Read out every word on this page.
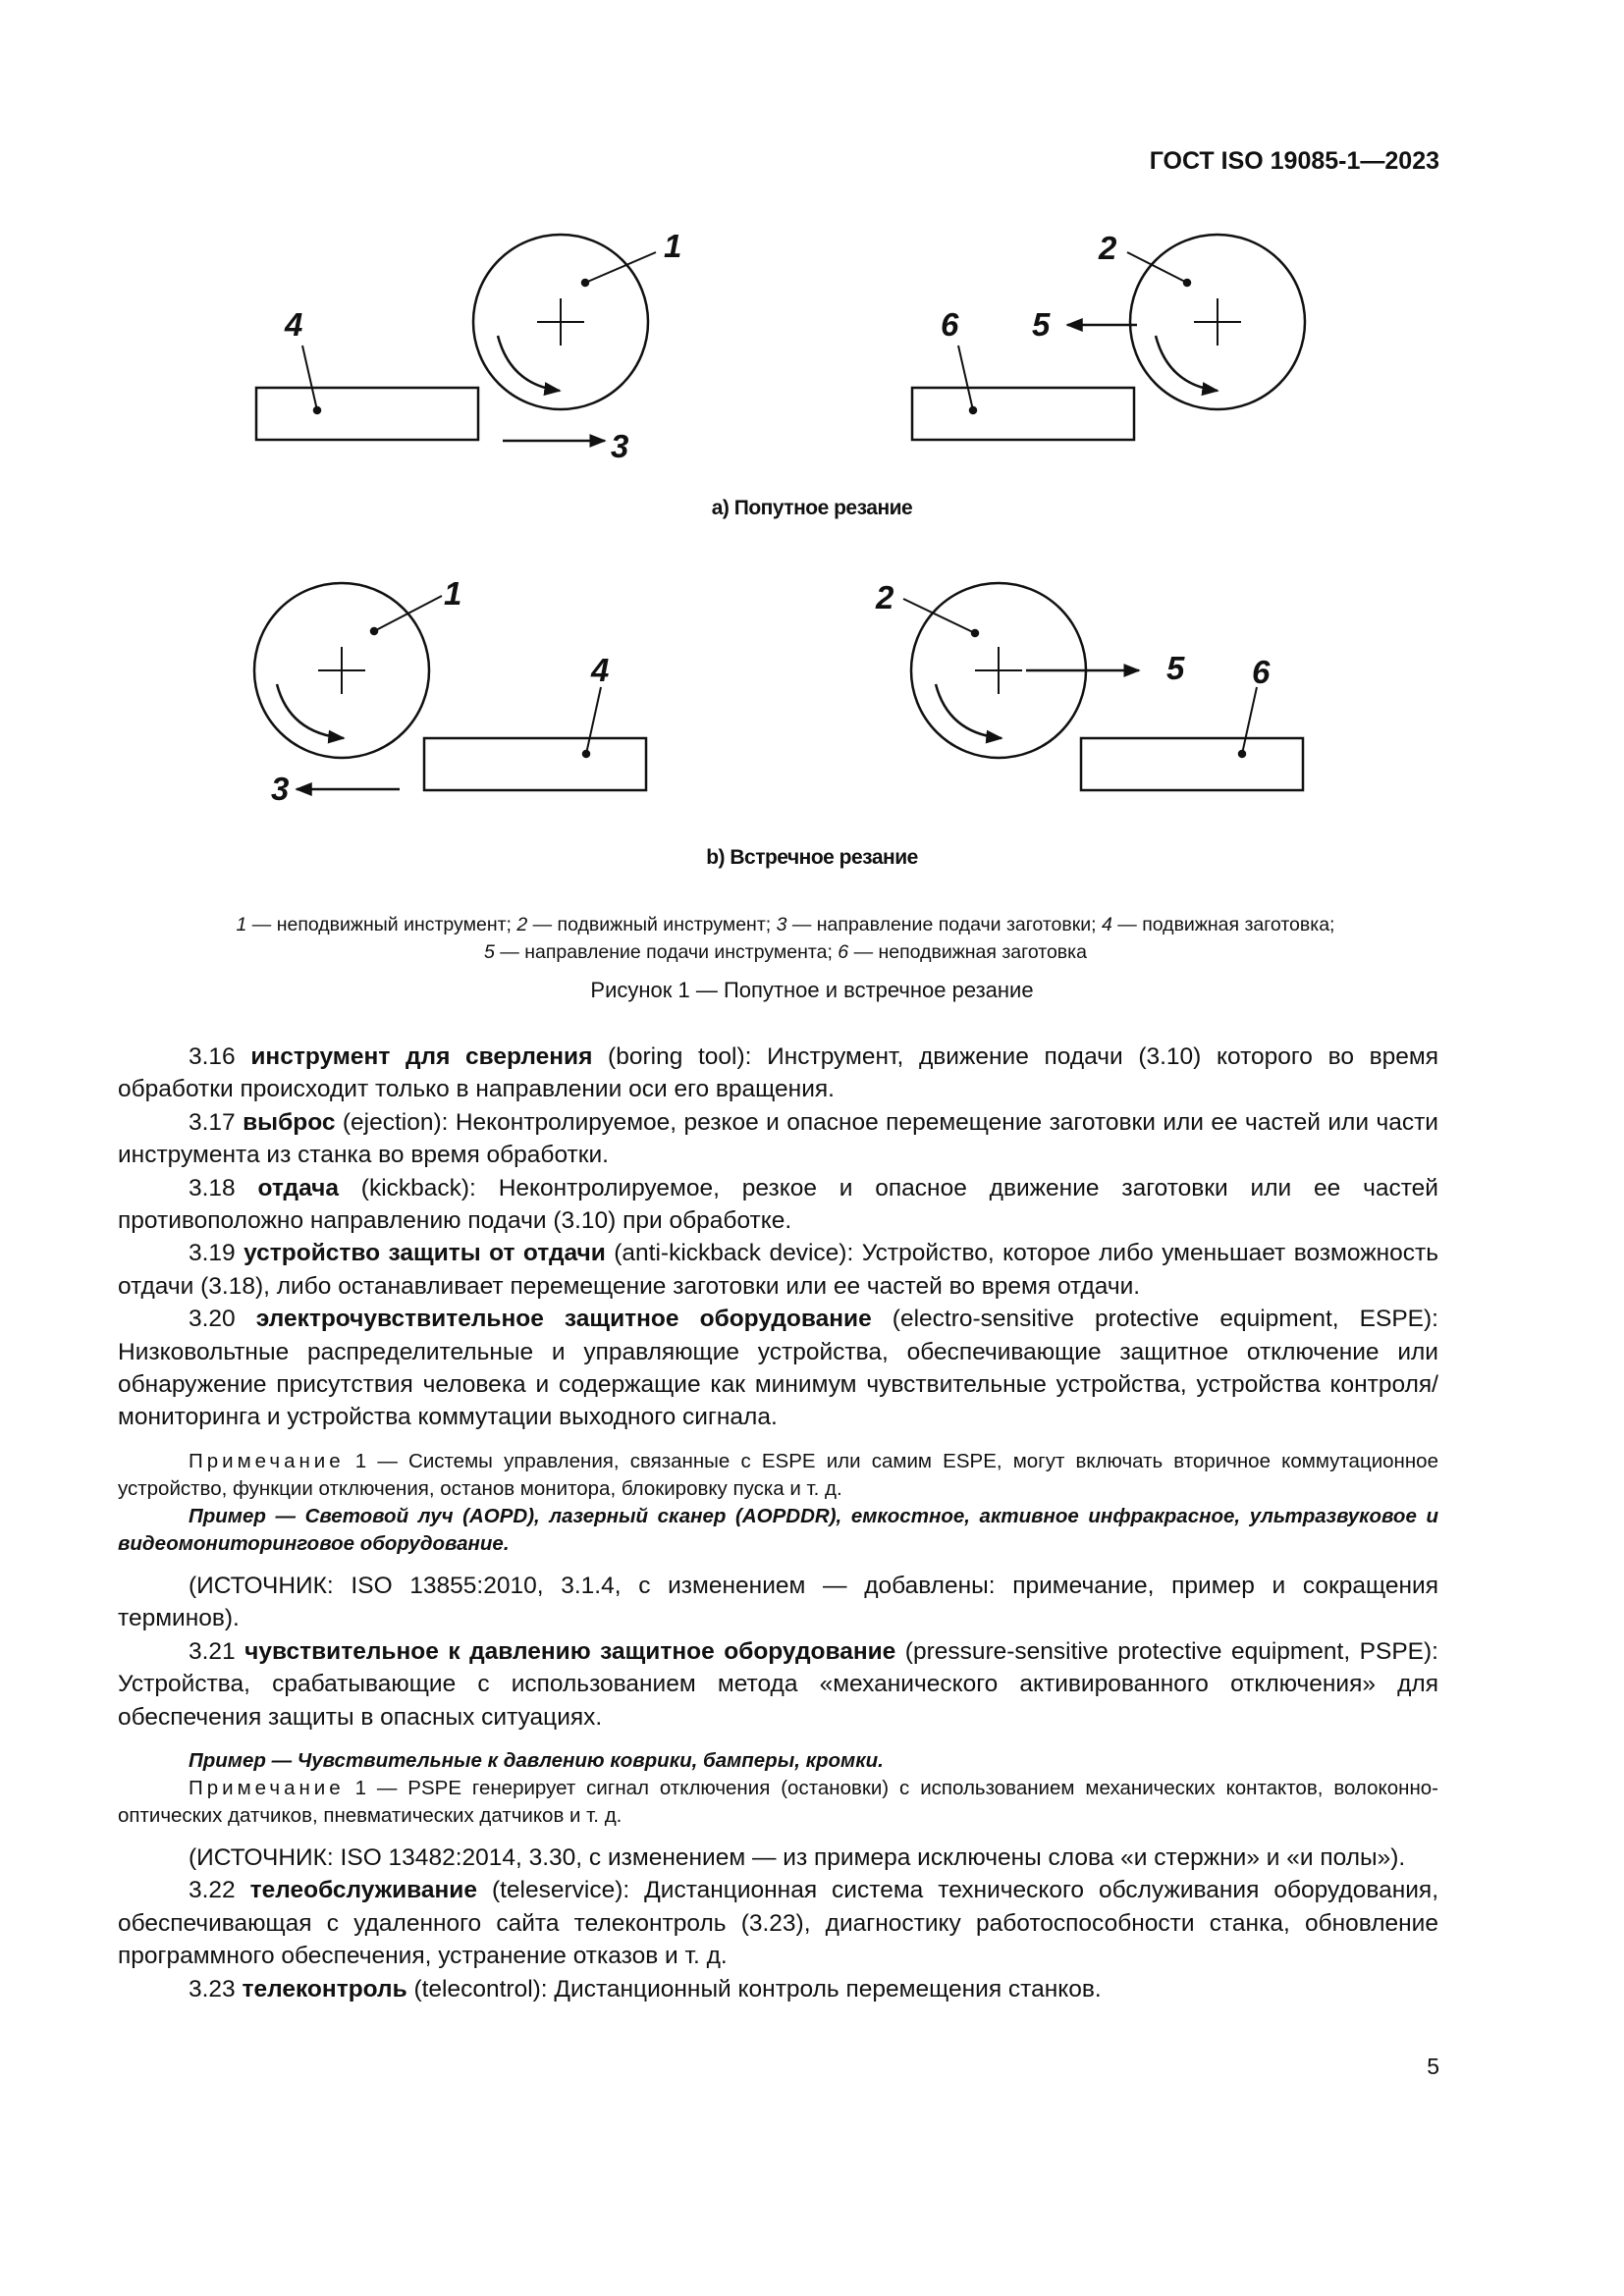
ГОСТ ISO 19085-1—2023
1
4
3
2
6 5
1
4
3
2
5 6
a) Попутное резание
b) Встречное резание
1 — неподвижный инструмент; 2 — подвижный инструмент; 3 — направление подачи заготовки; 4 — подвижная заготовка;
5 — направление подачи инструмента; 6 — неподвижная заготовка
Рисунок 1 — Попутное и встречное резание

3.16 инструмент для сверления (boring tool): Инструмент, движение подачи (3.10) которого во время обработки происходит только в направлении оси его вращения.

3.17 выброс (ejection): Неконтролируемое, резкое и опасное перемещение заготовки или ее частей или части инструмента из станка во время обработки.

3.18 отдача (kickback): Неконтролируемое, резкое и опасное движение заготовки или ее частей противоположно направлению подачи (3.10) при обработке.

3.19 устройство защиты от отдачи (anti-kickback device): Устройство, которое либо уменьшает возможность отдачи (3.18), либо останавливает перемещение заготовки или ее частей во время отдачи.

3.20 электрочувствительное защитное оборудование (electro-sensitive protective equipment, ESPE): Низковольтные распределительные и управляющие устройства, обеспечивающие защитное отключение или обнаружение присутствия человека и содержащие как минимум чувствительные устройства, устройства контроля/мониторинга и устройства коммутации выходного сигнала.

Примечание 1 — Системы управления, связанные с ESPE или самим ESPE, могут включать вторичное коммутационное устройство, функции отключения, останов монитора, блокировку пуска и т. д.

Пример — Световой луч (AOPD), лазерный сканер (AOPDDR), емкостное, активное инфракрасное, ультразвуковое и видеомониторинговое оборудование.

(ИСТОЧНИК: ISO 13855:2010, 3.1.4, с изменением — добавлены: примечание, пример и сокращения терминов).

3.21 чувствительное к давлению защитное оборудование (pressure-sensitive protective equipment, PSPE): Устройства, срабатывающие с использованием метода «механического активированного отключения» для обеспечения защиты в опасных ситуациях.

Пример — Чувствительные к давлению коврики, бамперы, кромки.

Примечание 1 — PSPE генерирует сигнал отключения (остановки) с использованием механических контактов, волоконно-оптических датчиков, пневматических датчиков и т. д.

(ИСТОЧНИК: ISO 13482:2014, 3.30, с изменением — из примера исключены слова «и стержни» и «и полы»).

3.22 телеобслуживание (teleservice): Дистанционная система технического обслуживания оборудования, обеспечивающая с удаленного сайта телеконтроль (3.23), диагностику работоспособности станка, обновление программного обеспечения, устранение отказов и т. д.

3.23 телеконтроль (telecontrol): Дистанционный контроль перемещения станков.

5
